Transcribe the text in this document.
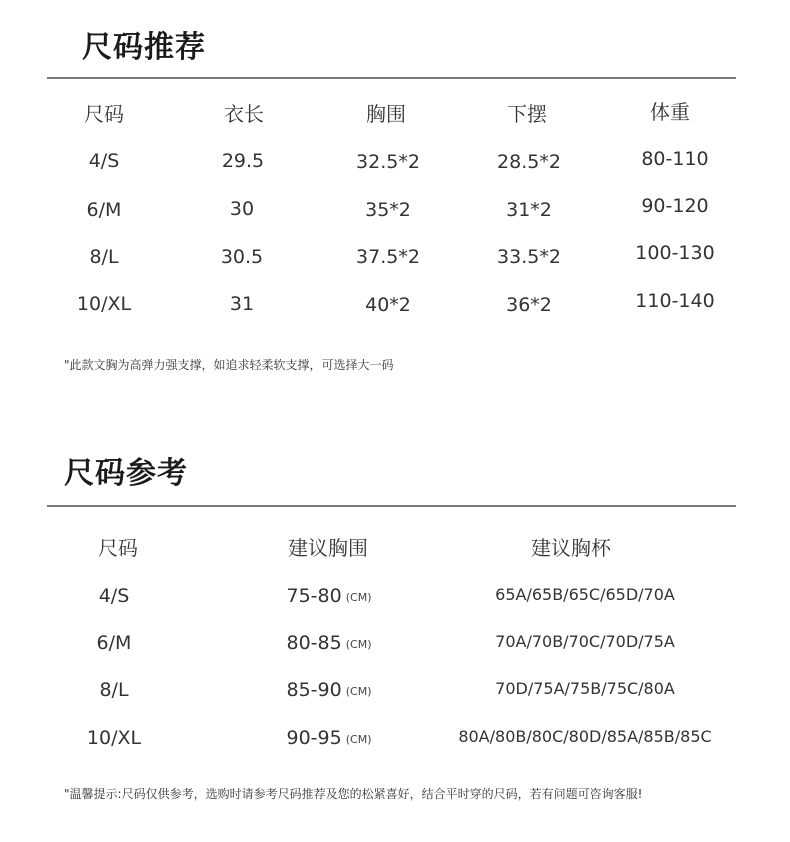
尺码推荐
尺码	衣长	胸围	下摆	体重
4/S	29.5	32.5*2	28.5*2	80-110
6/M	30	35*2	31*2	90-120
8/L	30.5	37.5*2	33.5*2	100-130
10/XL	31	40*2	36*2	110-140
"此款文胸为高弹力强支撑，如追求轻柔软支撑，可选择大一码
尺码参考
尺码	建议胸围	建议胸杯
4/S	75-80 (CM)	65A/65B/65C/65D/70A
6/M	80-85 (CM)	70A/70B/70C/70D/75A
8/L	85-90 (CM)	70D/75A/75B/75C/80A
10/XL	90-95 (CM)	80A/80B/80C/80D/85A/85B/85C
"温馨提示:尺码仅供参考，选购时请参考尺码推荐及您的松紧喜好，结合平时穿的尺码，若有问题可咨询客服!
